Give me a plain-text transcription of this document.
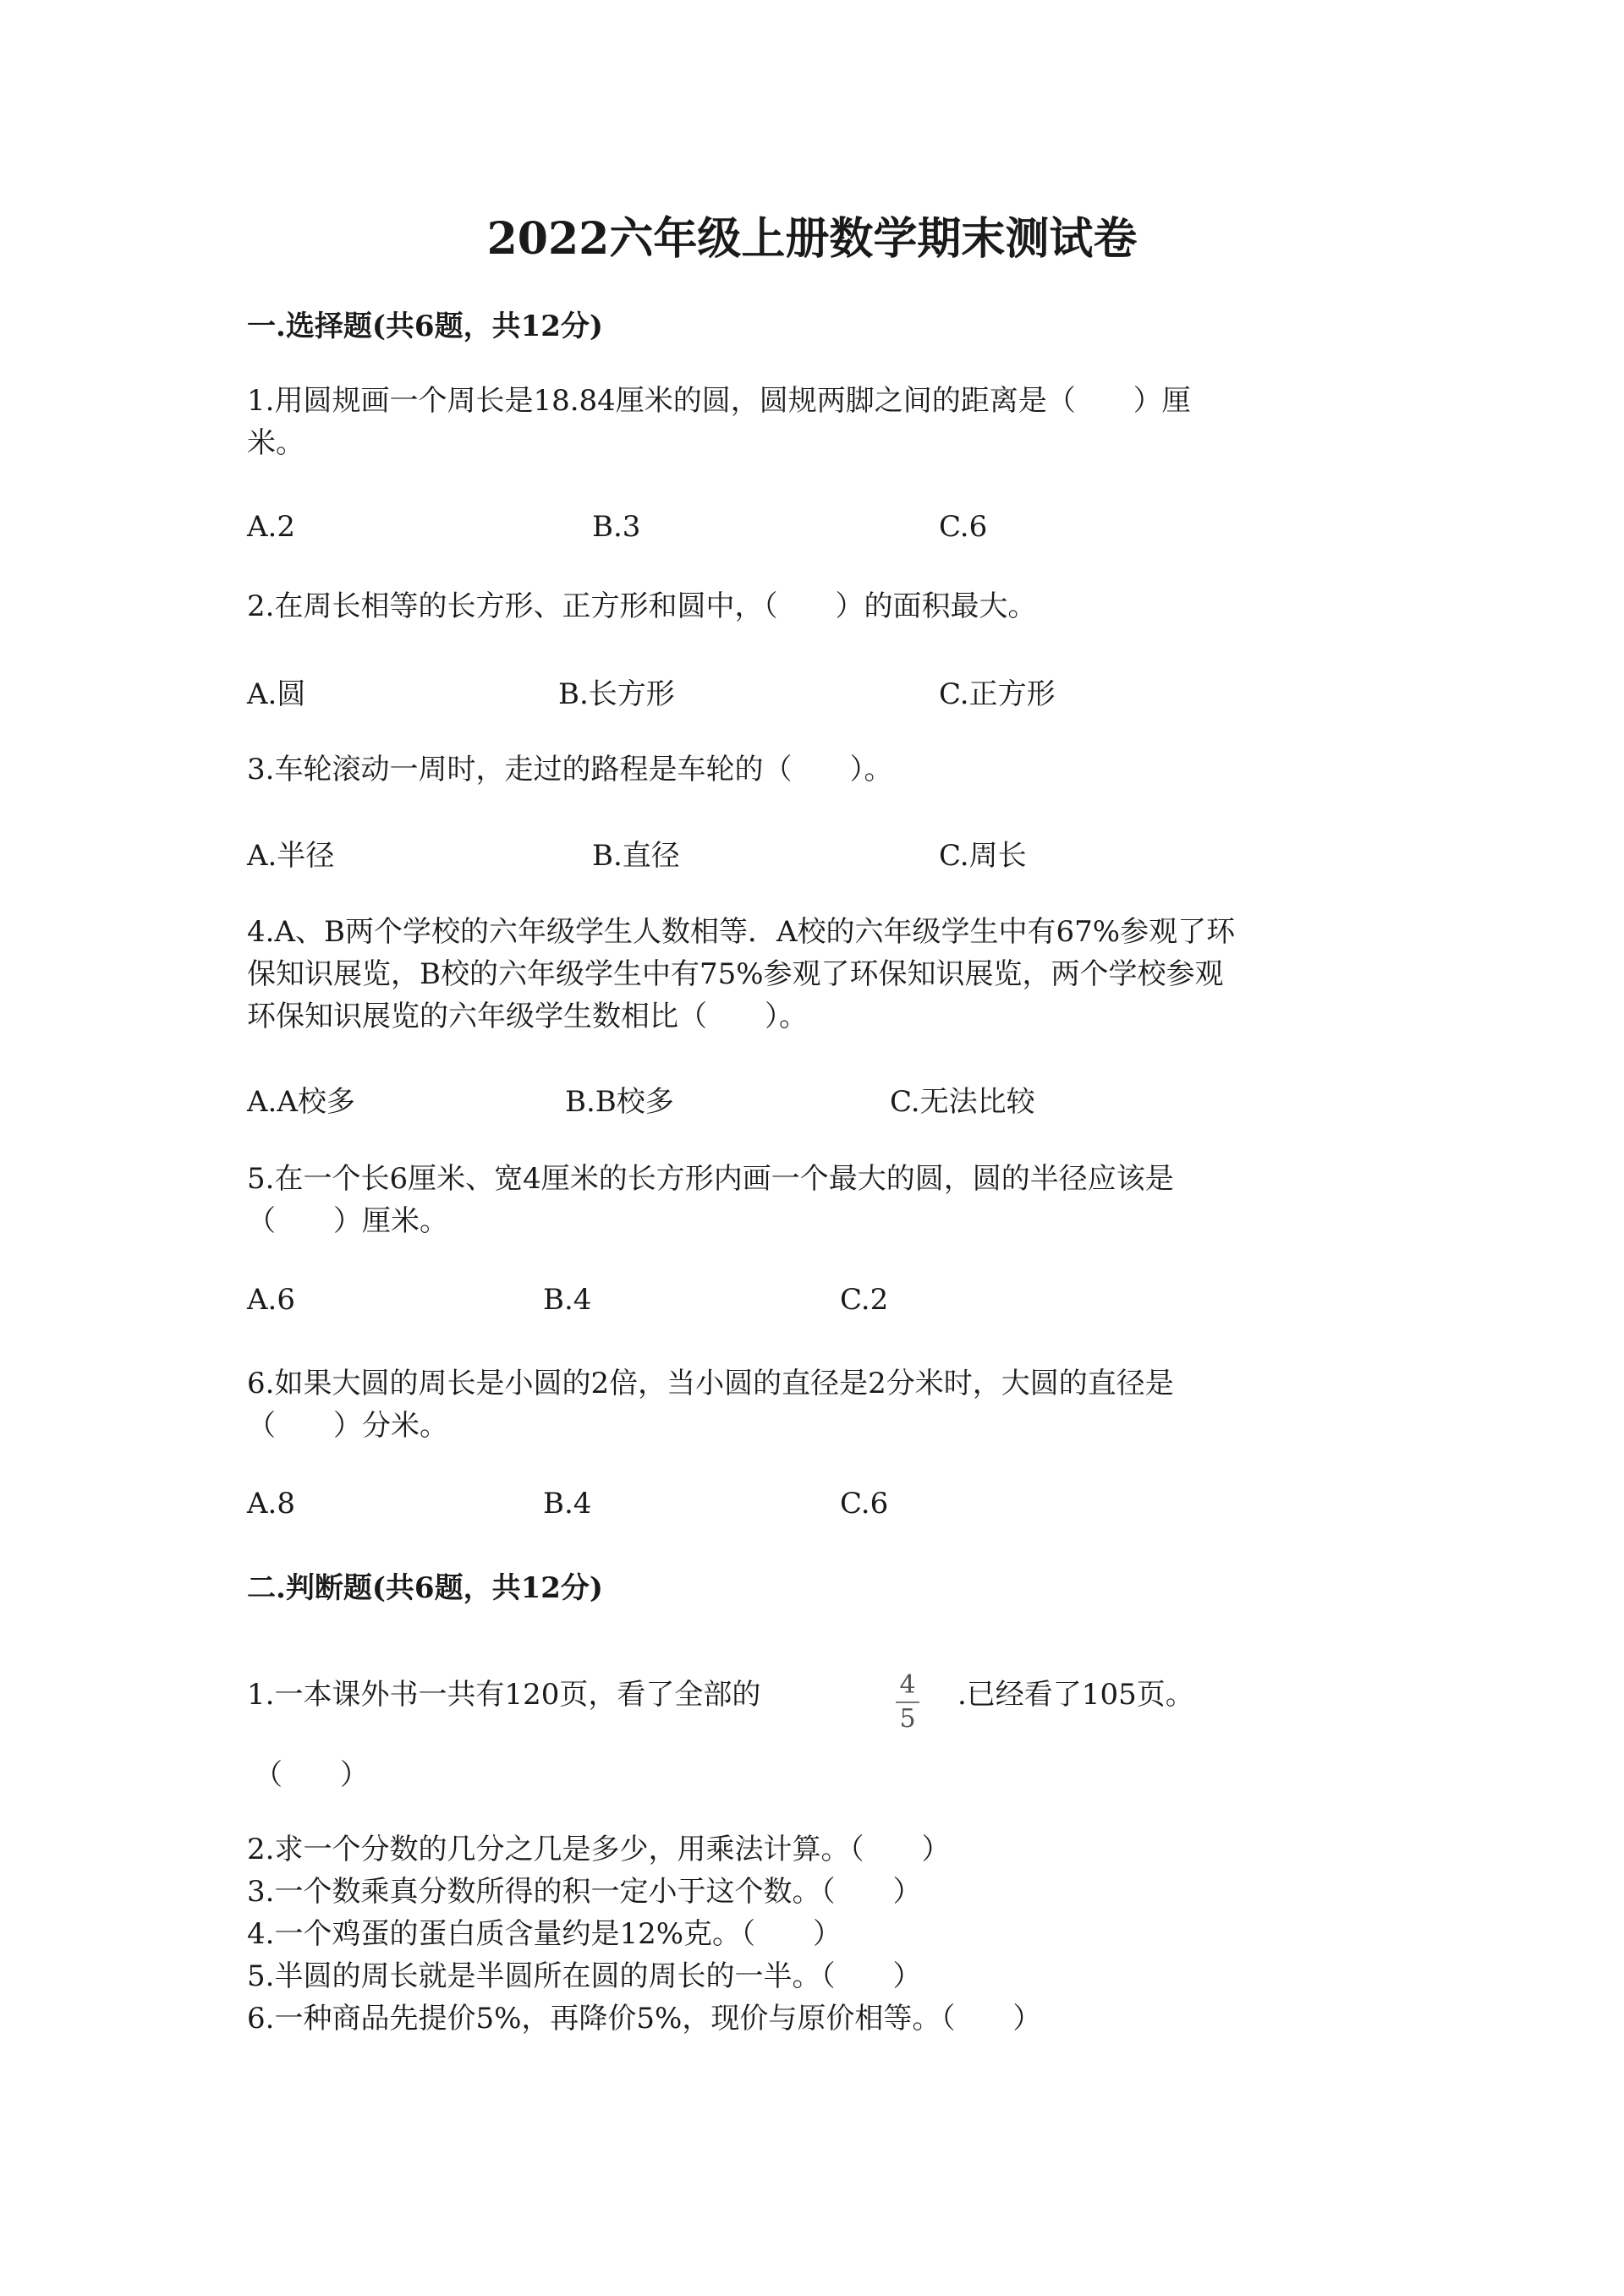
2022六年级上册数学期末测试卷
一.选择题(共6题，共12分)
1.用圆规画一个周长是18.84厘米的圆，圆规两脚之间的距离是（　　）厘
米。
A.2	B.3	C.6
2.在周长相等的长方形、正方形和圆中，（　　）的面积最大。
A.圆	B.长方形	C.正方形
3.车轮滚动一周时，走过的路程是车轮的（　　）。
A.半径	B.直径	C.周长
4.A、B两个学校的六年级学生人数相等．A校的六年级学生中有67%参观了环
保知识展览，B校的六年级学生中有75%参观了环保知识展览，两个学校参观
环保知识展览的六年级学生数相比（　　）。
A.A校多	B.B校多	C.无法比较
5.在一个长6厘米、宽4厘米的长方形内画一个最大的圆，圆的半径应该是
（　　）厘米。
A.6	B.4	C.2
6.如果大圆的周长是小圆的2倍，当小圆的直径是2分米时，大圆的直径是
（　　）分米。
A.8	B.4	C.6
二.判断题(共6题，共12分)
1.一本课外书一共有120页，看了全部的	4
5
.已经看了105页。
（　　）
2.求一个分数的几分之几是多少，用乘法计算。（　　）
3.一个数乘真分数所得的积一定小于这个数。（　　）
4.一个鸡蛋的蛋白质含量约是12%克。（　　）
5.半圆的周长就是半圆所在圆的周长的一半。（　　）
6.一种商品先提价5%，再降价5%，现价与原价相等。（　　）
